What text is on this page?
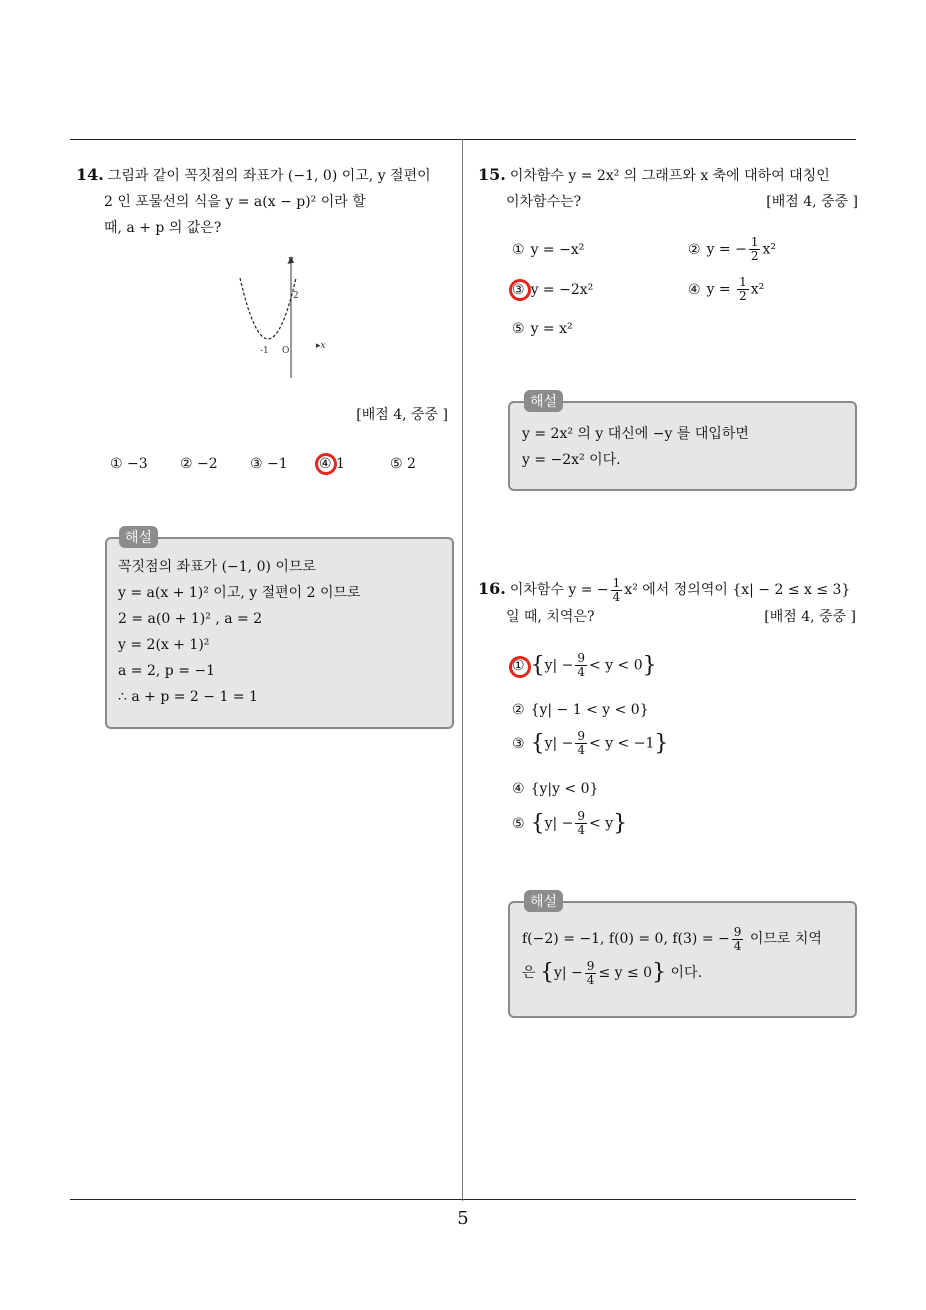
5
14. 그림과 같이 꼭짓점의 좌표가 (−1, 0) 이고, y 절편이
2 인 포물선의 식을 y = a(x − p)² 이라 할
때, a + p 의 값은?
y
2
-1 O	▸x
[배점 4, 중중 ]
① −3 ② −2 ③ −1 ④ 1	⑤ 2
해설
꼭짓점의 좌표가 (−1, 0) 이므로
y = a(x + 1)² 이고, y 절편이 2 이므로
2 = a(0 + 1)² , a = 2
y = 2(x + 1)²
a = 2, p = −1
∴ a + p = 2 − 1 = 1
15. 이차함수 y = 2x² 의 그래프와 x 축에 대하여 대칭인
이차함수는?	[배점 4, 중중 ]
① y = −x²	② y = − $\frac{1}{2} x^2$
③ y = −2x²	④ $y = \frac{1}{2} x^2$
⑤ y = x²
해설
y = 2x² 의 y 대신에 −y 를 대입하면
y = −2x² 이다.
16. 이차함수 y = − $\frac{1}{4} x^2$ 에서 정의역이 {x| − 2 ≤ x ≤ 3}
일 때, 치역은?	[배점 4, 중중 ]
① $\{y| - \frac{9}{4} < y < 0\}$
② {y| − 1 < y < 0}
③ $\{y| - \frac{9}{4} < y < -1\}$
④ {y|y < 0}
⑤ $\{y| - \frac{9}{4} < y\}$
해설
f(−2) = −1, f(0) = 0, f(3) = − $\frac{9}{4}$ 이므로 치역
은 $\{y| - \frac{9}{4} \le y \le 0\}$ 이다.
